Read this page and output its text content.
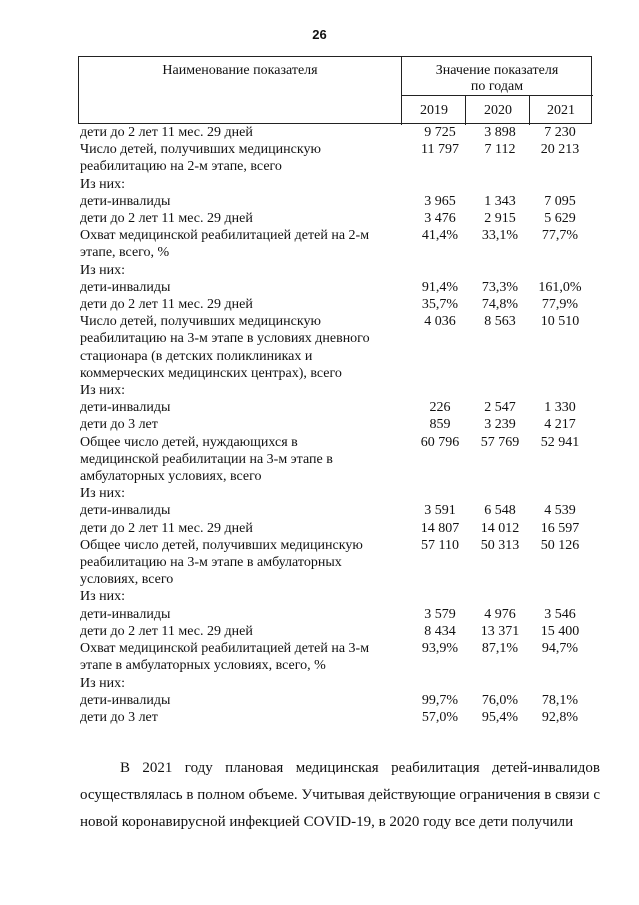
26
Наименование показателя	Значение показателя
по годам
2019	2020	2021
дети до 2 лет 11 мес. 29 дней	9 725	3 898	7 230
Число детей, получивших медицинскую	11 797	7 112	20 213
реабилитацию на 2-м этапе, всего
Из них:
дети-инвалиды	3 965	1 343	7 095
дети до 2 лет 11 мес. 29 дней	3 476	2 915	5 629
Охват медицинской реабилитацией детей на 2-м	41,4%	33,1%	77,7%
этапе, всего, %
Из них:
дети-инвалиды	91,4%	73,3%	161,0%
дети до 2 лет 11 мес. 29 дней	35,7%	74,8%	77,9%
Число детей, получивших медицинскую	4 036	8 563	10 510
реабилитацию на 3-м этапе в условиях дневного
стационара (в детских поликлиниках и
коммерческих медицинских центрах), всего
Из них:
дети-инвалиды	226	2 547	1 330
дети до 3 лет	859	3 239	4 217
Общее число детей, нуждающихся в	60 796	57 769	52 941
медицинской реабилитации на 3-м этапе в
амбулаторных условиях, всего
Из них:
дети-инвалиды	3 591	6 548	4 539
дети до 2 лет 11 мес. 29 дней	14 807	14 012	16 597
Общее число детей, получивших медицинскую	57 110	50 313	50 126
реабилитацию на 3-м этапе в амбулаторных
условиях, всего
Из них:
дети-инвалиды	3 579	4 976	3 546
дети до 2 лет 11 мес. 29 дней	8 434	13 371	15 400
Охват медицинской реабилитацией детей на 3-м	93,9%	87,1%	94,7%
этапе в амбулаторных условиях, всего, %
Из них:
дети-инвалиды	99,7%	76,0%	78,1%
дети до 3 лет	57,0%	95,4%	92,8%

В 2021 году плановая медицинская реабилитация детей-инвалидов осуществлялась в полном объеме. Учитывая действующие ограничения в связи с новой коронавирусной инфекцией COVID-19, в 2020 году все дети получили
